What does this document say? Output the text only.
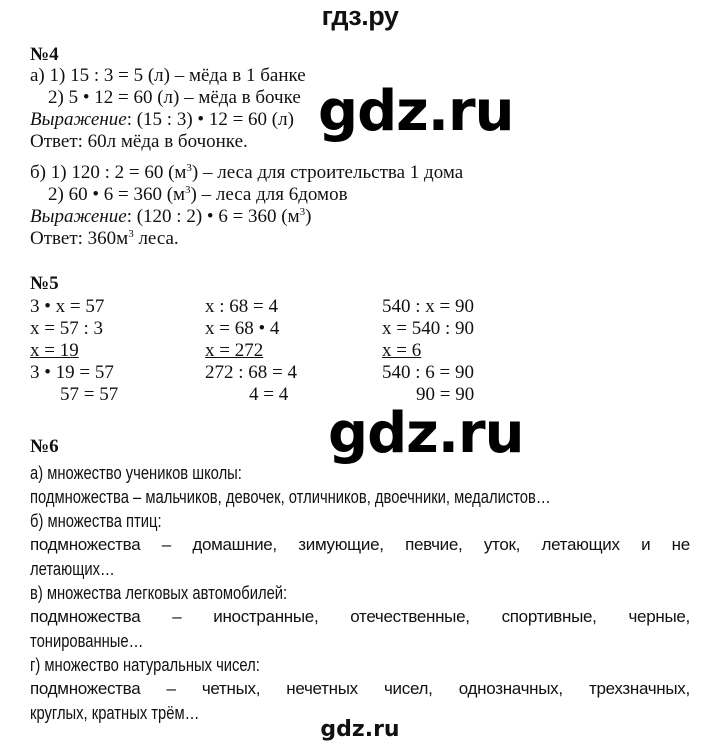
гдз.ру
gdz.ru
gdz.ru
№4
а) 1) 15 : 3 = 5 (л) – мёда в 1 банке
2) 5 • 12 = 60 (л) – мёда в бочке
Выражение: (15 : 3) • 12 = 60 (л)
Ответ: 60л мёда в бочонке.
б) 1) 120 : 2 = 60 $(м^3)$ – леса для строительства 1 дома
2) 60 • 6 = 360 $(м^3)$ – леса для 6домов
Выражение: (120 : 2) • 6 = 360 $(м^3)$
Ответ: $360м^3$ леса.
№5
3 • x = 57
x = 57 : 3
x = 19
3 • 19 = 57
57 = 57
x : 68 = 4
x = 68 • 4
x = 272
272 : 68 = 4
4 = 4
540 : x = 90
x = 540 : 90
x = 6
540 : 6 = 90
90 = 90
№6
а) множество учеников школы:
подмножества – мальчиков, девочек, отличников, двоечники, медалистов…
б) множества птиц:
подмножества – домашние, зимующие, певчие, уток, летающих и не
летающих…
в) множества легковых автомобилей:
подмножества – иностранные, отечественные, спортивные, черные,
тонированные…
г) множество натуральных чисел:
подмножества – четных, нечетных чисел, однозначных, трехзначных,
круглых, кратных трём…
gdz.ru
